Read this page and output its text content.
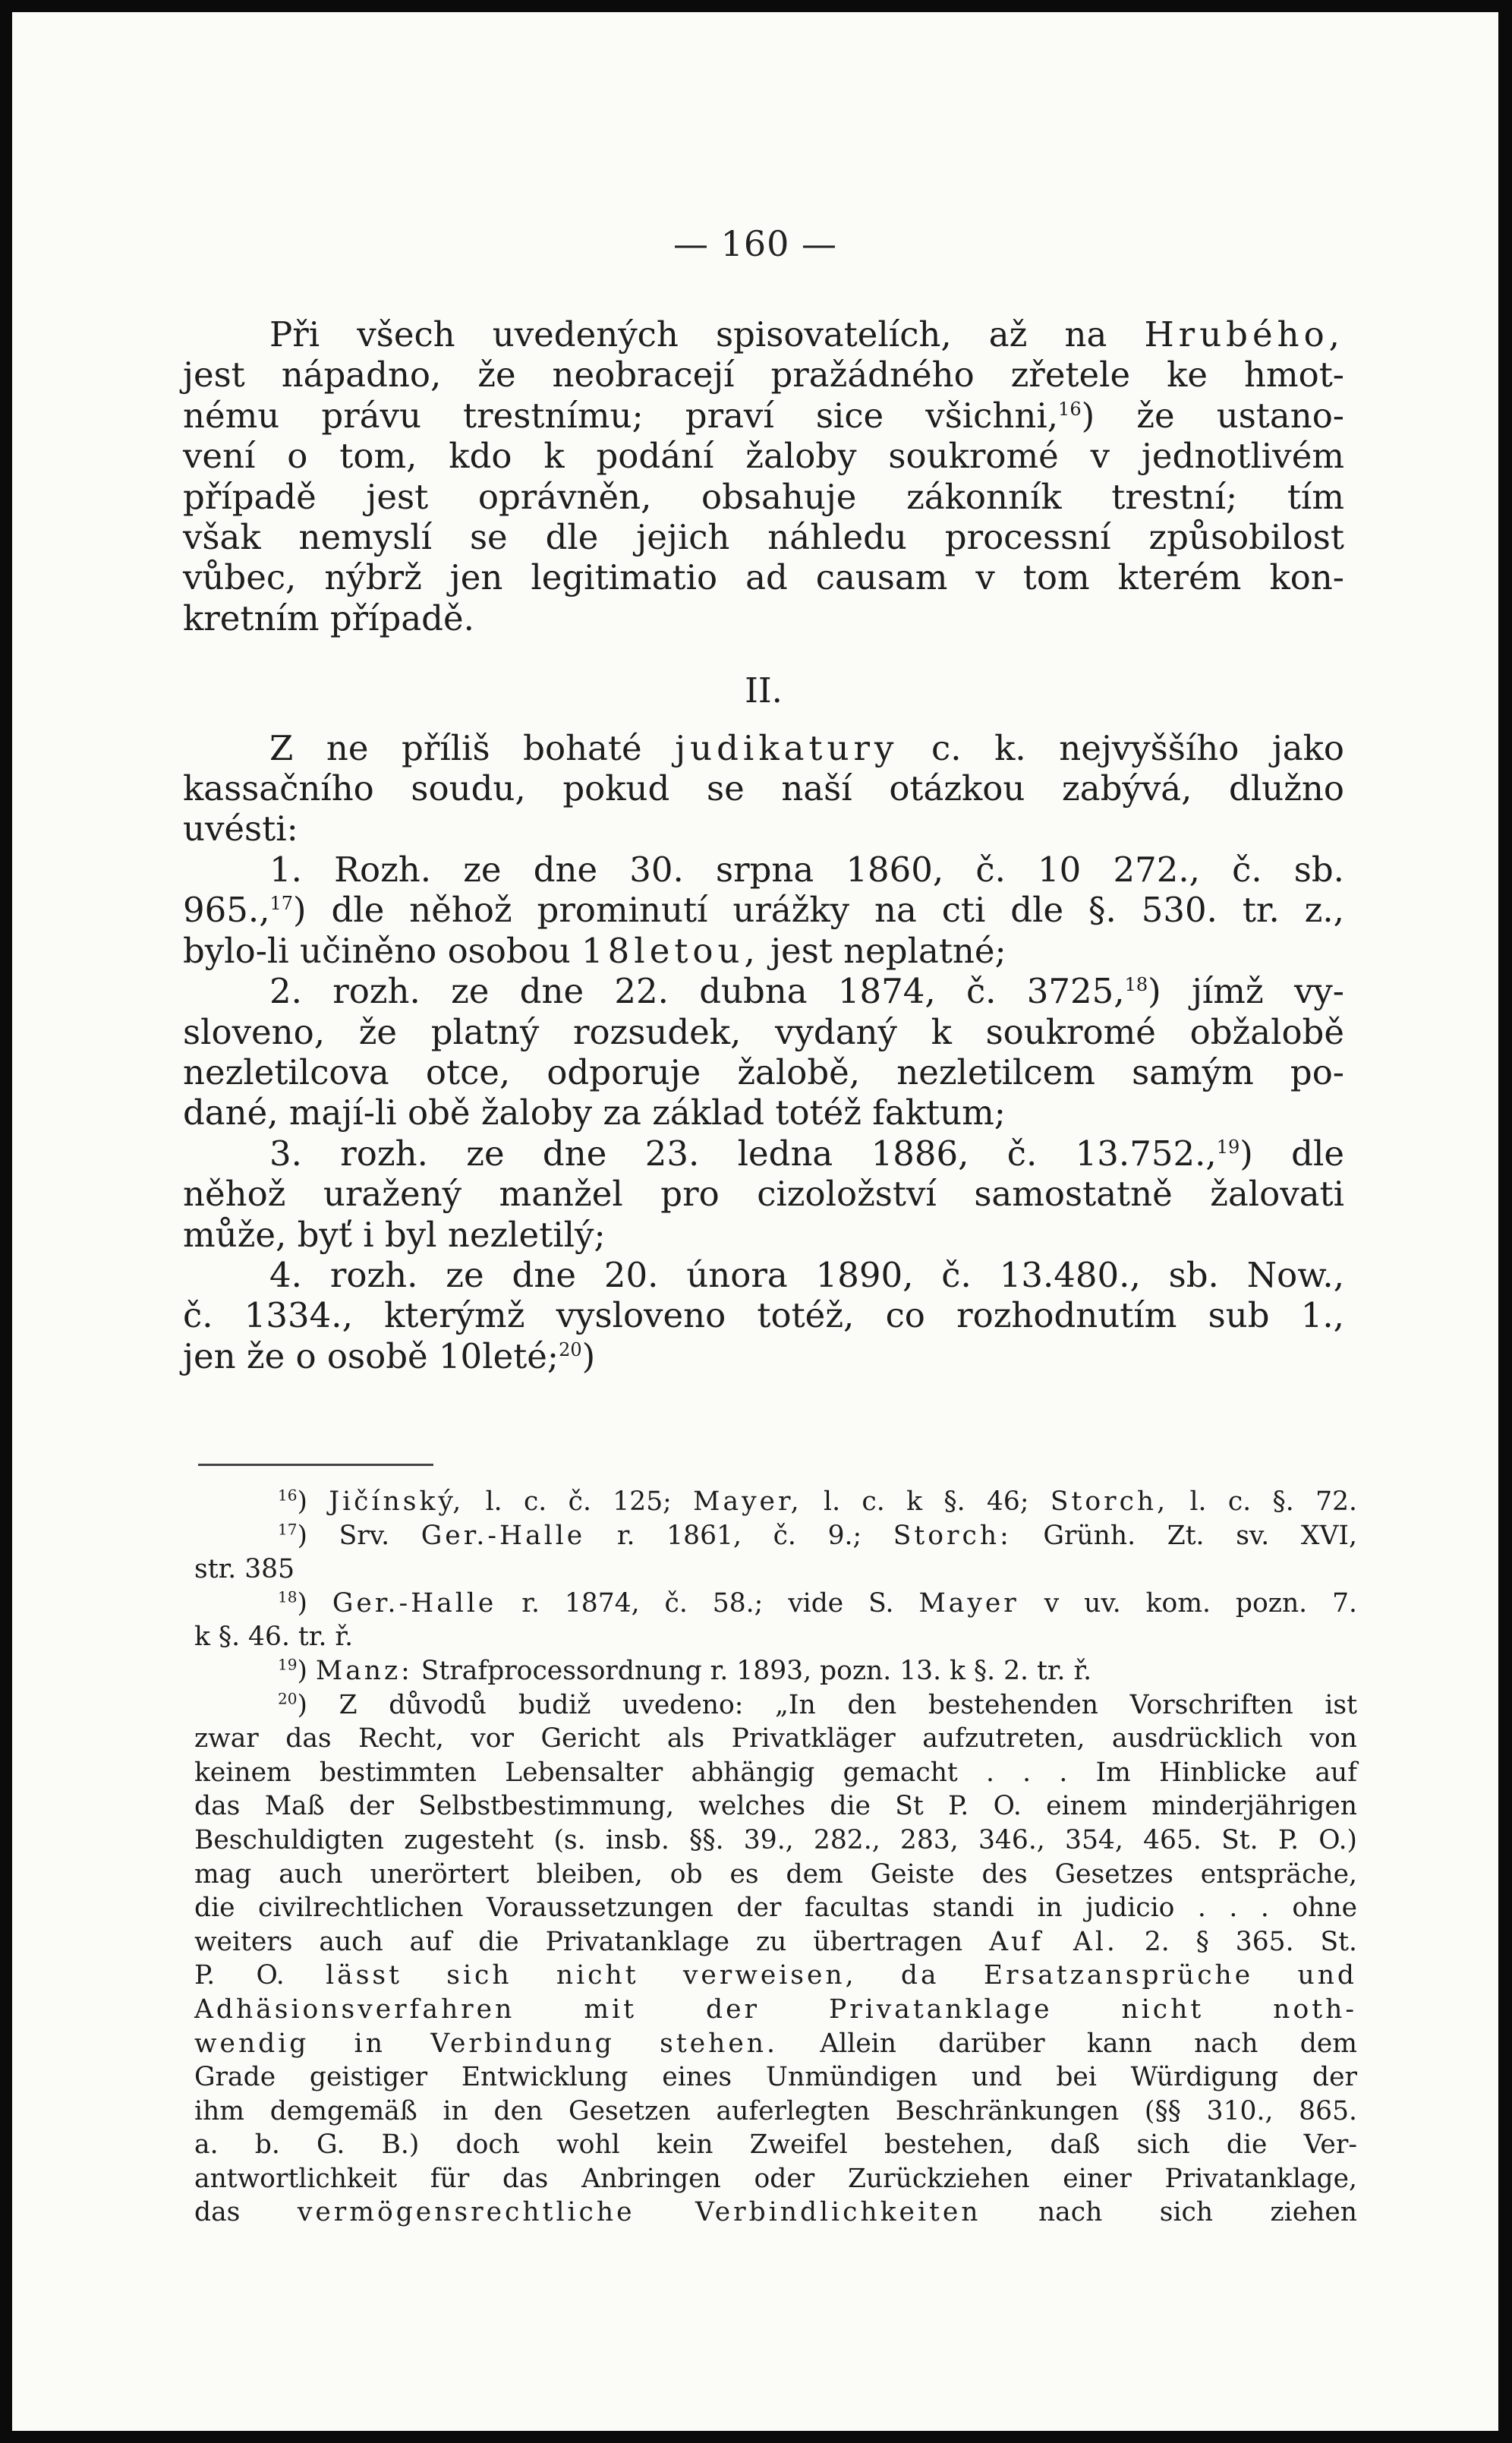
— 160 —

Při všech uvedených spisovatelích, až na Hrubého,

jest nápadno, že neobracejí pražádného zřetele ke hmot-

nému právu trestnímu; praví sice všichni,$^{16}$) že ustano-

vení o tom, kdo k podání žaloby soukromé v jednotlivém

případě jest oprávněn, obsahuje zákonník trestní; tím

však nemyslí se dle jejich náhledu processní způsobilost

vůbec, nýbrž jen legitimatio ad causam v tom kterém kon-

kretním případě.

II.

Z ne příliš bohaté judikatury c. k. nejvyššího jako

kassačního soudu, pokud se naší otázkou zabývá, dlužno

uvésti:

1. Rozh. ze dne 30. srpna 1860, č. 10 272., č. sb.

965.,$^{17}$) dle něhož prominutí urážky na cti dle §. 530. tr. z.,

bylo-li učiněno osobou 18letou, jest neplatné;

2. rozh. ze dne 22. dubna 1874, č. 3725,18) jímž vy-

sloveno, že platný rozsudek, vydaný k soukromé obžalobě

nezletilcova otce, odporuje žalobě, nezletilcem samým po-

dané, mají-li obě žaloby za základ totéž faktum;

3. rozh. ze dne 23. ledna 1886, č. 13.752.,$^{19}$) dle

něhož uražený manžel pro cizoložství samostatně žalovati

může, byť i byl nezletilý;

4. rozh. ze dne 20. února 1890, č. 13.480., sb. Now.,

č. 1334., kterýmž vysloveno totéž, co rozhodnutím sub 1.,

jen že o osobě 10leté;$^{20}$)

$^{16}$) Jičínský, l. c. č. 125; Mayer, l. c. k §. 46; Storch, l. c. §. 72.

$^{17}$) Srv. Ger.-Halle r. 1861, č. 9.; Storch: Grünh. Zt. sv. XVI,

str. 385

$^{18}$) Ger.-Halle r. 1874, č. 58.; vide S. Mayer v uv. kom. pozn. 7.

k §. 46. tr. ř.

$^{19}$) Manz: Strafprocessordnung r. 1893, pozn. 13. k §. 2. tr. ř.

$^{20}$) Z důvodů budiž uvedeno: „In den bestehenden Vorschriften ist

zwar das Recht, vor Gericht als Privatkläger aufzutreten, ausdrücklich von

keinem bestimmten Lebensalter abhängig gemacht . . . Im Hinblicke auf

das Maß der Selbstbestimmung, welches die St P. O. einem minderjährigen

Beschuldigten zugesteht (s. insb. §§. 39., 282., 283, 346., 354, 465. St. P. O.)

mag auch unerörtert bleiben, ob es dem Geiste des Gesetzes entspräche,

die civilrechtlichen Voraussetzungen der facultas standi in judicio . . . ohne

weiters auch auf die Privatanklage zu übertragen Auf Al. 2. § 365. St.

P. O. lässt sich nicht verweisen, da Ersatzansprüche und

Adhäsionsverfahren mit der Privatanklage nicht noth-

wendig in Verbindung stehen. Allein darüber kann nach dem

Grade geistiger Entwicklung eines Unmündigen und bei Würdigung der

ihm demgemäß in den Gesetzen auferlegten Beschränkungen (§§ 310., 865.

a. b. G. B.) doch wohl kein Zweifel bestehen, daß sich die Ver-

antwortlichkeit für das Anbringen oder Zurückziehen einer Privatanklage,

das vermögensrechtliche Verbindlichkeiten nach sich ziehen
